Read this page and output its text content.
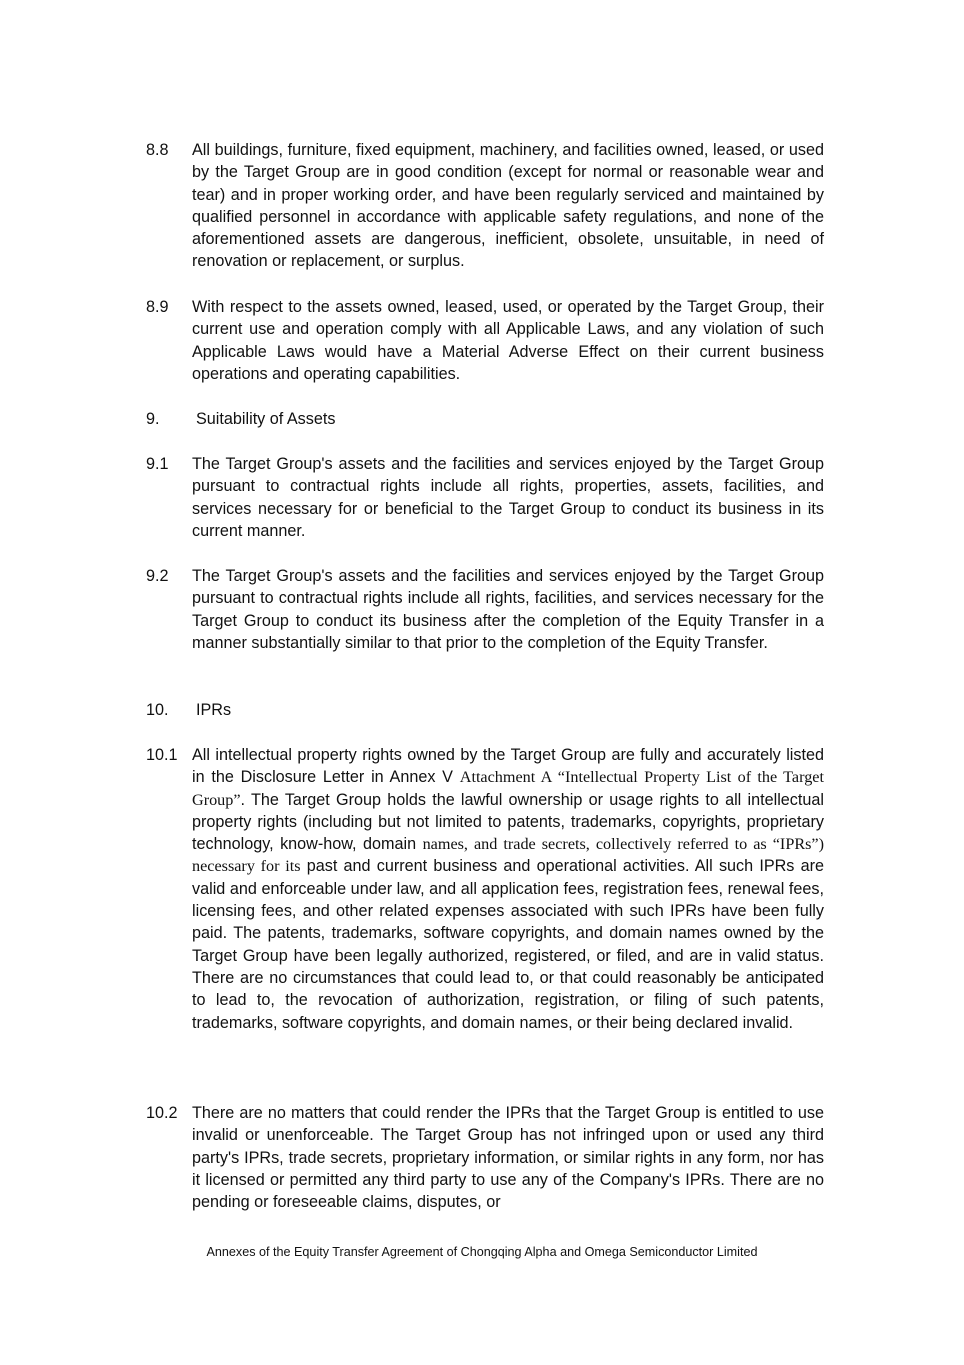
8.8 All buildings, furniture, fixed equipment, machinery, and facilities owned, leased, or used by the Target Group are in good condition (except for normal or reasonable wear and tear) and in proper working order, and have been regularly serviced and maintained by qualified personnel in accordance with applicable safety regulations, and none of the aforementioned assets are dangerous, inefficient, obsolete, unsuitable, in need of renovation or replacement, or surplus.
8.9 With respect to the assets owned, leased, used, or operated by the Target Group, their current use and operation comply with all Applicable Laws, and any violation of such Applicable Laws would have a Material Adverse Effect on their current business operations and operating capabilities.
9. Suitability of Assets
9.1 The Target Group's assets and the facilities and services enjoyed by the Target Group pursuant to contractual rights include all rights, properties, assets, facilities, and services necessary for or beneficial to the Target Group to conduct its business in its current manner.
9.2 The Target Group's assets and the facilities and services enjoyed by the Target Group pursuant to contractual rights include all rights, facilities, and services necessary for the Target Group to conduct its business after the completion of the Equity Transfer in a manner substantially similar to that prior to the completion of the Equity Transfer.
10. IPRs
10.1 All intellectual property rights owned by the Target Group are fully and accurately listed in the Disclosure Letter in Annex V Attachment A “Intellectual Property List of the Target Group”. The Target Group holds the lawful ownership or usage rights to all intellectual property rights (including but not limited to patents, trademarks, copyrights, proprietary technology, know-how, domain names, and trade secrets, collectively referred to as “IPRs”) necessary for its past and current business and operational activities. All such IPRs are valid and enforceable under law, and all application fees, registration fees, renewal fees, licensing fees, and other related expenses associated with such IPRs have been fully paid. The patents, trademarks, software copyrights, and domain names owned by the Target Group have been legally authorized, registered, or filed, and are in valid status. There are no circumstances that could lead to, or that could reasonably be anticipated to lead to, the revocation of authorization, registration, or filing of such patents, trademarks, software copyrights, and domain names, or their being declared invalid.
10.2 There are no matters that could render the IPRs that the Target Group is entitled to use invalid or unenforceable. The Target Group has not infringed upon or used any third party's IPRs, trade secrets, proprietary information, or similar rights in any form, nor has it licensed or permitted any third party to use any of the Company's IPRs. There are no pending or foreseeable claims, disputes, or
Annexes of the Equity Transfer Agreement of Chongqing Alpha and Omega Semiconductor Limited
